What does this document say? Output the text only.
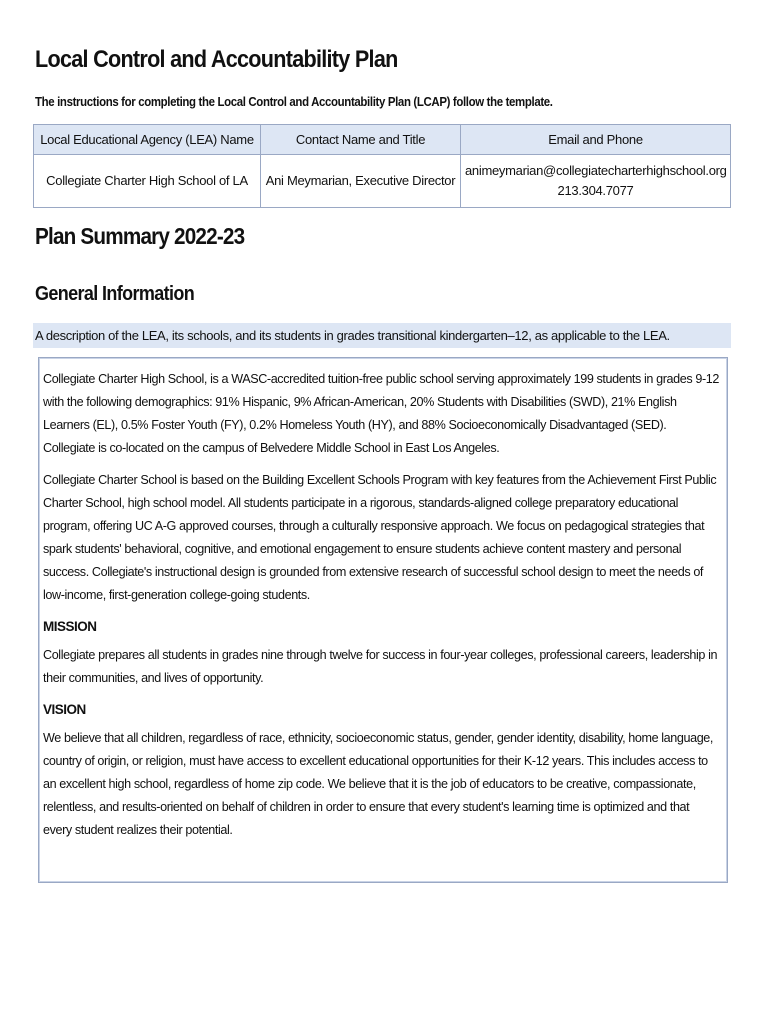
Local Control and Accountability Plan

The instructions for completing the Local Control and Accountability Plan (LCAP) follow the template.

Local Educational Agency (LEA) Name	Contact Name and Title	Email and Phone
Collegiate Charter High School of LA	Ani Meymarian, Executive Director	animeymarian@collegiatecharterhighschool.org
213.304.7077
Plan Summary 2022-23
General Information
A description of the LEA, its schools, and its students in grades transitional kindergarten–12, as applicable to the LEA.

Collegiate Charter High School, is a WASC-accredited tuition-free public school serving approximately 199 students in grades 9-12 with the following demographics: 91% Hispanic, 9% African-American, 20% Students with Disabilities (SWD), 21% English Learners (EL), 0.5% Foster Youth (FY), 0.2% Homeless Youth (HY), and 88% Socioeconomically Disadvantaged (SED). Collegiate is co-located on the campus of Belvedere Middle School in East Los Angeles.

Collegiate Charter School is based on the Building Excellent Schools Program with key features from the Achievement First Public Charter School, high school model. All students participate in a rigorous, standards-aligned college preparatory educational program, offering UC A-G approved courses, through a culturally responsive approach. We focus on pedagogical strategies that spark students' behavioral, cognitive, and emotional engagement to ensure students achieve content mastery and personal success. Collegiate's instructional design is grounded from extensive research of successful school design to meet the needs of low-income, first-generation college-going students.

MISSION

Collegiate prepares all students in grades nine through twelve for success in four-year colleges, professional careers, leadership in their communities, and lives of opportunity.

VISION

We believe that all children, regardless of race, ethnicity, socioeconomic status, gender, gender identity, disability, home language, country of origin, or religion, must have access to excellent educational opportunities for their K-12 years. This includes access to an excellent high school, regardless of home zip code. We believe that it is the job of educators to be creative, compassionate, relentless, and results-oriented on behalf of children in order to ensure that every student's learning time is optimized and that every student realizes their potential.
